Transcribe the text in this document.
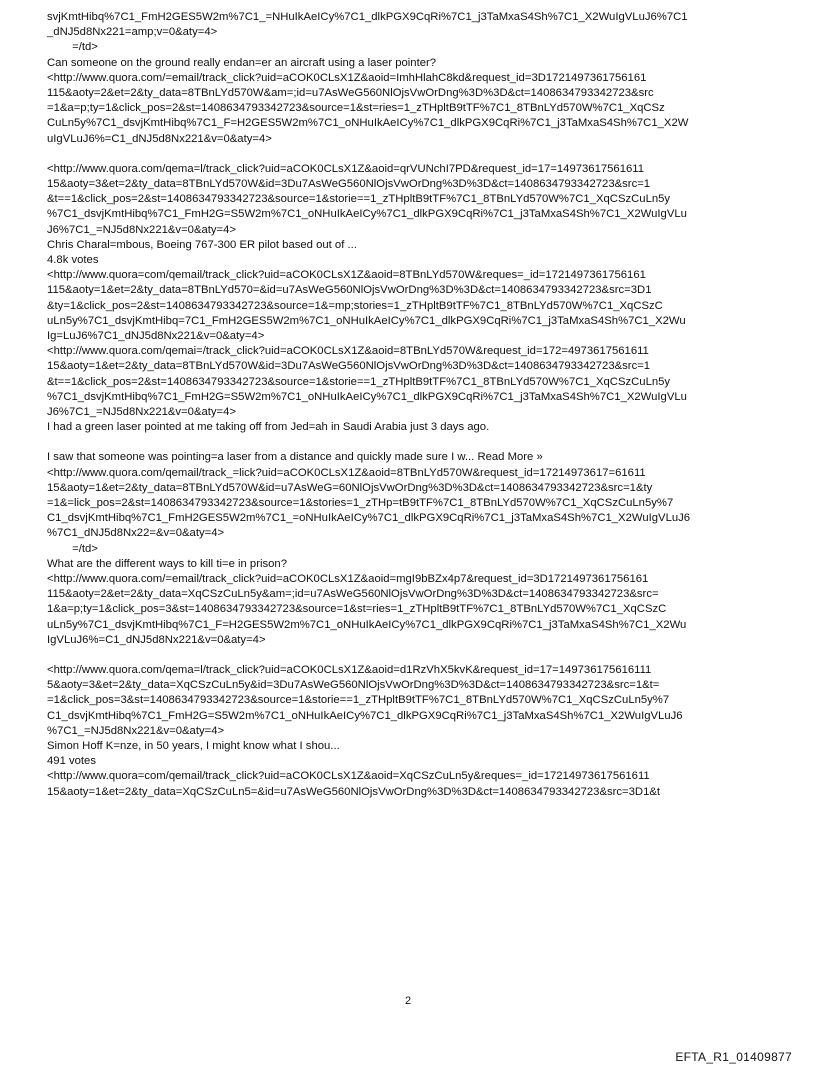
svjKmtHibq%7C1_FmH2GES5W2m%7C1_=NHuIkAeICy%7C1_dlkPGX9CqRi%7C1_j3TaMxaS4Sh%7C1_X2WuIgVLuJ6%7C1
_dNJ5d8Nx221=amp;v=0&aty=4>
=/td>
Can someone on the ground really endan=er an aircraft using a laser pointer?
<http://www.quora.com/=email/track_click?uid=aCOK0CLsX1Z&aoid=ImhHlahC8kd&request_id=3D1721497361756161
115&aoty=2&et=2&ty_data=8TBnLYd570W&am=;id=u7AsWeG560NlOjsVwOrDng%3D%3D&ct=1408634793342723&src
=1&a=p;ty=1&click_pos=2&st=1408634793342723&source=1&st=ries=1_zTHpltB9tTF%7C1_8TBnLYd570W%7C1_XqCSz
CuLn5y%7C1_dsvjKmtHibq%7C1_F=H2GES5W2m%7C1_oNHuIkAeICy%7C1_dlkPGX9CqRi%7C1_j3TaMxaS4Sh%7C1_X2W
uIgVLuJ6%=C1_dNJ5d8Nx221&v=0&aty=4>

<http://www.quora.com/qema=l/track_click?uid=aCOK0CLsX1Z&aoid=qrVUNchI7PD&request_id=17=14973617561611
15&aoty=3&et=2&ty_data=8TBnLYd570W&id=3Du7AsWeG560NlOjsVwOrDng%3D%3D&ct=1408634793342723&src=1
&t==1&click_pos=2&st=1408634793342723&source=1&storie==1_zTHpltB9tTF%7C1_8TBnLYd570W%7C1_XqCSzCuLn5y
%7C1_dsvjKmtHibq%7C1_FmH2G=S5W2m%7C1_oNHuIkAeICy%7C1_dlkPGX9CqRi%7C1_j3TaMxaS4Sh%7C1_X2WuIgVLu
J6%7C1_=NJ5d8Nx221&v=0&aty=4>
Chris Charal=mbous, Boeing 767-300 ER pilot based out of ...
4.8k votes
<http://www.quora=com/qemail/track_click?uid=aCOK0CLsX1Z&aoid=8TBnLYd570W&reques=_id=1721497361756161
115&aoty=1&et=2&ty_data=8TBnLYd570=&id=u7AsWeG560NlOjsVwOrDng%3D%3D&ct=1408634793342723&src=3D1
&ty=1&click_pos=2&st=1408634793342723&source=1&=mp;stories=1_zTHpltB9tTF%7C1_8TBnLYd570W%7C1_XqCSzC
uLn5y%7C1_dsvjKmtHibq=7C1_FmH2GES5W2m%7C1_oNHuIkAeICy%7C1_dlkPGX9CqRi%7C1_j3TaMxaS4Sh%7C1_X2Wu
Ig=LuJ6%7C1_dNJ5d8Nx221&v=0&aty=4>
<http://www.quora.com/qemai=/track_click?uid=aCOK0CLsX1Z&aoid=8TBnLYd570W&request_id=172=4973617561611
15&aoty=1&et=2&ty_data=8TBnLYd570W&id=3Du7AsWeG560NlOjsVwOrDng%3D%3D&ct=1408634793342723&src=1
&t==1&click_pos=2&st=1408634793342723&source=1&storie==1_zTHpltB9tTF%7C1_8TBnLYd570W%7C1_XqCSzCuLn5y
%7C1_dsvjKmtHibq%7C1_FmH2G=S5W2m%7C1_oNHuIkAeICy%7C1_dlkPGX9CqRi%7C1_j3TaMxaS4Sh%7C1_X2WuIgVLu
J6%7C1_=NJ5d8Nx221&v=0&aty=4>
I had a green laser pointed at me taking off from Jed=ah in Saudi Arabia just 3 days ago.

I saw that someone was pointing=a laser from a distance and quickly made sure I w... Read More »
<http://www.quora.com/qemail/track_=lick?uid=aCOK0CLsX1Z&aoid=8TBnLYd570W&request_id=17214973617=61611
15&aoty=1&et=2&ty_data=8TBnLYd570W&id=u7AsWeG=60NlOjsVwOrDng%3D%3D&ct=1408634793342723&src=1&ty
=1&=lick_pos=2&st=1408634793342723&source=1&stories=1_zTHp=tB9tTF%7C1_8TBnLYd570W%7C1_XqCSzCuLn5y%7
C1_dsvjKmtHibq%7C1_FmH2GES5W2m%7C1_=oNHuIkAeICy%7C1_dlkPGX9CqRi%7C1_j3TaMxaS4Sh%7C1_X2WuIgVLuJ6
%7C1_dNJ5d8Nx22=&v=0&aty=4>
=/td>
What are the different ways to kill ti=e in prison?
<http://www.quora.com/=email/track_click?uid=aCOK0CLsX1Z&aoid=mgI9bBZx4p7&request_id=3D1721497361756161
115&aoty=2&et=2&ty_data=XqCSzCuLn5y&am=;id=u7AsWeG560NlOjsVwOrDng%3D%3D&ct=1408634793342723&src=
1&a=p;ty=1&click_pos=3&st=1408634793342723&source=1&st=ries=1_zTHpltB9tTF%7C1_8TBnLYd570W%7C1_XqCSzC
uLn5y%7C1_dsvjKmtHibq%7C1_F=H2GES5W2m%7C1_oNHuIkAeICy%7C1_dlkPGX9CqRi%7C1_j3TaMxaS4Sh%7C1_X2Wu
IgVLuJ6%=C1_dNJ5d8Nx221&v=0&aty=4>

<http://www.quora.com/qema=l/track_click?uid=aCOK0CLsX1Z&aoid=d1RzVhX5kvK&request_id=17=149736175616111
5&aoty=3&et=2&ty_data=XqCSzCuLn5y&id=3Du7AsWeG560NlOjsVwOrDng%3D%3D&ct=1408634793342723&src=1&t=
=1&click_pos=3&st=1408634793342723&source=1&storie==1_zTHpltB9tTF%7C1_8TBnLYd570W%7C1_XqCSzCuLn5y%7
C1_dsvjKmtHibq%7C1_FmH2G=S5W2m%7C1_oNHuIkAeICy%7C1_dlkPGX9CqRi%7C1_j3TaMxaS4Sh%7C1_X2WuIgVLuJ6
%7C1_=NJ5d8Nx221&v=0&aty=4>
Simon Hoff K=nze, in 50 years, I might know what I shou...
491 votes
<http://www.quora=com/qemail/track_click?uid=aCOK0CLsX1Z&aoid=XqCSzCuLn5y&reques=_id=17214973617561611
15&aoty=1&et=2&ty_data=XqCSzCuLn5=&id=u7AsWeG560NlOjsVwOrDng%3D%3D&ct=1408634793342723&src=3D1&t
2
EFTA_R1_01409877
